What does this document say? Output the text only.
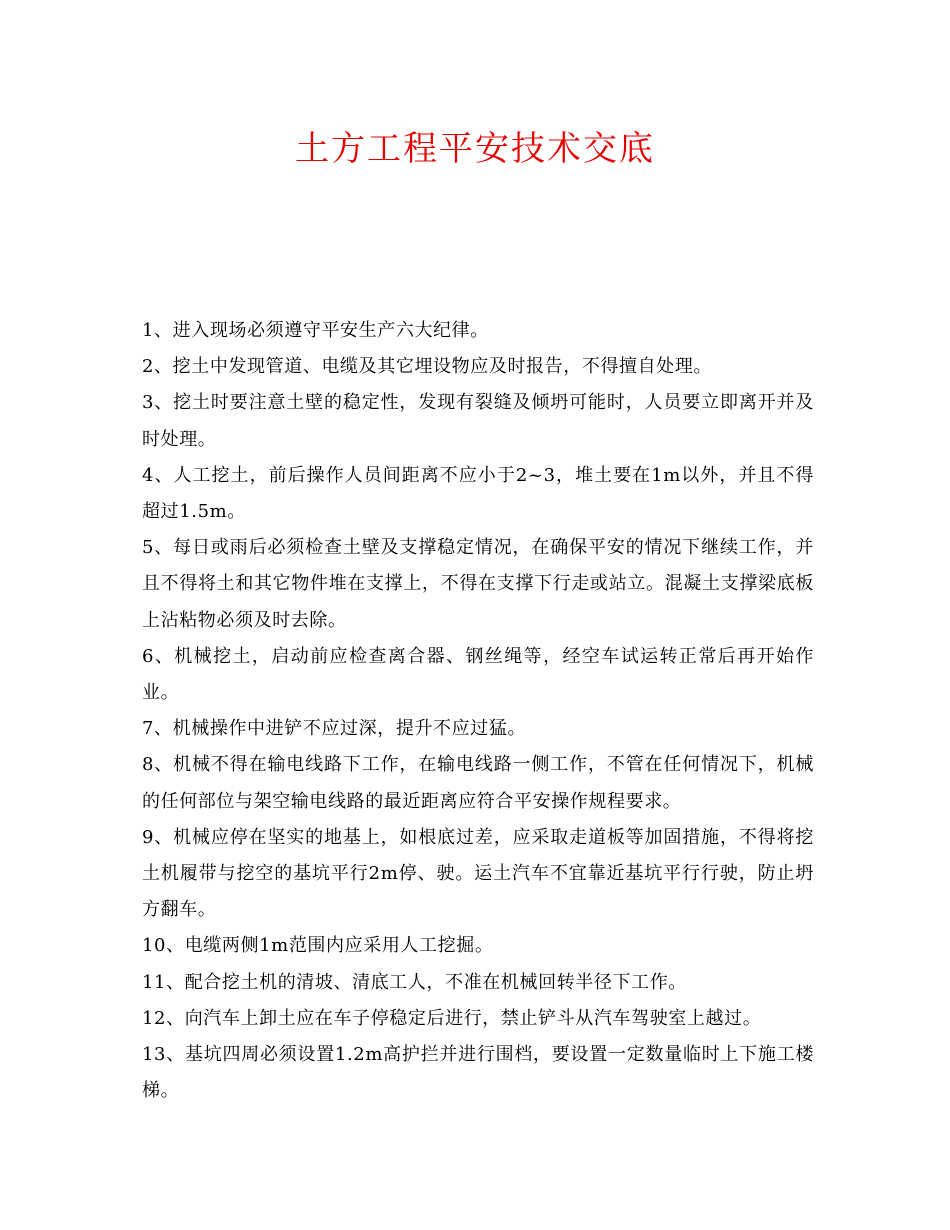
土方工程平安技术交底
1、进入现场必须遵守平安生产六大纪律。
2、挖土中发现管道、电缆及其它埋设物应及时报告，不得擅自处理。
3、挖土时要注意土壁的稳定性，发现有裂缝及倾坍可能时，人员要立即离开并及时处理。
4、人工挖土，前后操作人员间距离不应小于2~3，堆土要在1m以外，并且不得超过1.5m。
5、每日或雨后必须检查土壁及支撑稳定情况，在确保平安的情况下继续工作，并且不得将土和其它物件堆在支撑上，不得在支撑下行走或站立。混凝土支撑梁底板上沾粘物必须及时去除。
6、机械挖土，启动前应检查离合器、钢丝绳等，经空车试运转正常后再开始作业。
7、机械操作中进铲不应过深，提升不应过猛。
8、机械不得在输电线路下工作，在输电线路一侧工作，不管在任何情况下，机械的任何部位与架空输电线路的最近距离应符合平安操作规程要求。
9、机械应停在坚实的地基上，如根底过差，应采取走道板等加固措施，不得将挖土机履带与挖空的基坑平行2m停、驶。运土汽车不宜靠近基坑平行行驶，防止坍方翻车。
10、电缆两侧1m范围内应采用人工挖掘。
11、配合挖土机的清坡、清底工人，不准在机械回转半径下工作。
12、向汽车上卸土应在车子停稳定后进行，禁止铲斗从汽车驾驶室上越过。
13、基坑四周必须设置1.2m高护拦并进行围档，要设置一定数量临时上下施工楼梯。
